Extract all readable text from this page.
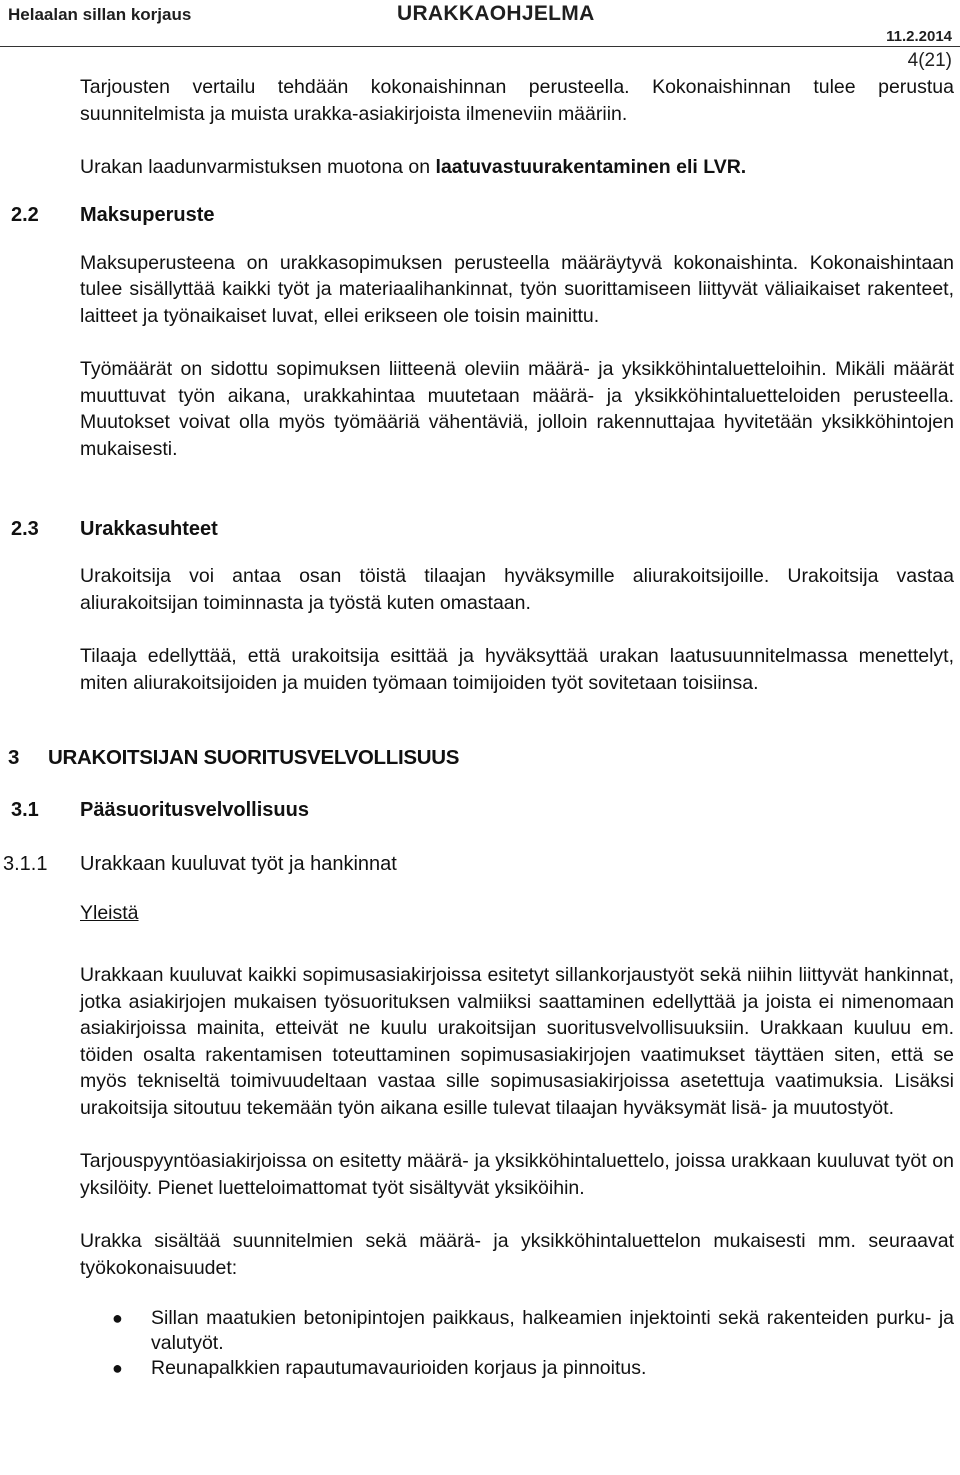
Helaalan sillan korjaus	URAKKAOHJELMA
11.2.2014
4(21)

Tarjousten vertailu tehdään kokonaishinnan perusteella. Kokonaishinnan tulee perustua suunnitelmista ja muista urakka-asiakirjoista ilmeneviin määriin.

Urakan laadunvarmistuksen muotona on laatuvastuurakentaminen eli LVR.

2.2 Maksuperuste

Maksuperusteena on urakkasopimuksen perusteella määräytyvä kokonaishinta. Kokonaishintaan tulee sisällyttää kaikki työt ja materiaalihankinnat, työn suorittamiseen liittyvät väliaikaiset rakenteet, laitteet ja työnaikaiset luvat, ellei erikseen ole toisin mainittu.

Työmäärät on sidottu sopimuksen liitteenä oleviin määrä- ja yksikköhintaluetteloihin. Mikäli määrät muuttuvat työn aikana, urakkahintaa muutetaan määrä- ja yksikköhintaluetteloiden perusteella. Muutokset voivat olla myös työmääriä vähentäviä, jolloin rakennuttajaa hyvitetään yksikköhintojen mukaisesti.

2.3 Urakkasuhteet

Urakoitsija voi antaa osan töistä tilaajan hyväksymille aliurakoitsijoille. Urakoitsija vastaa aliurakoitsijan toiminnasta ja työstä kuten omastaan.

Tilaaja edellyttää, että urakoitsija esittää ja hyväksyttää urakan laatusuunnitelmassa menettelyt, miten aliurakoitsijoiden ja muiden työmaan toimijoiden työt sovitetaan toisiinsa.

3 URAKOITSIJAN SUORITUSVELVOLLISUUS
3.1 Pääsuoritusvelvollisuus
3.1.1 Urakkaan kuuluvat työt ja hankinnat
Yleistä

Urakkaan kuuluvat kaikki sopimusasiakirjoissa esitetyt sillankorjaustyöt sekä niihin liittyvät hankinnat, jotka asiakirjojen mukaisen työsuorituksen valmiiksi saattaminen edellyttää ja joista ei nimenomaan asiakirjoissa mainita, etteivät ne kuulu urakoitsijan suoritusvelvollisuuksiin. Urakkaan kuuluu em. töiden osalta rakentamisen toteuttaminen sopimusasiakirjojen vaatimukset täyttäen siten, että se myös tekniseltä toimivuudeltaan vastaa sille sopimusasiakirjoissa asetettuja vaatimuksia. Lisäksi urakoitsija sitoutuu tekemään työn aikana esille tulevat tilaajan hyväksymät lisä- ja muutostyöt.

Tarjouspyyntöasiakirjoissa on esitetty määrä- ja yksikköhintaluettelo, joissa urakkaan kuuluvat työt on yksilöity. Pienet luetteloimattomat työt sisältyvät yksiköihin.

Urakka sisältää suunnitelmien sekä määrä- ja yksikköhintaluettelon mukaisesti mm. seuraavat työkokonaisuudet:

● Sillan maatukien betonipintojen paikkaus, halkeamien injektointi sekä rakenteiden purku- ja valutyöt.
● Reunapalkkien rapautumavaurioiden korjaus ja pinnoitus.
